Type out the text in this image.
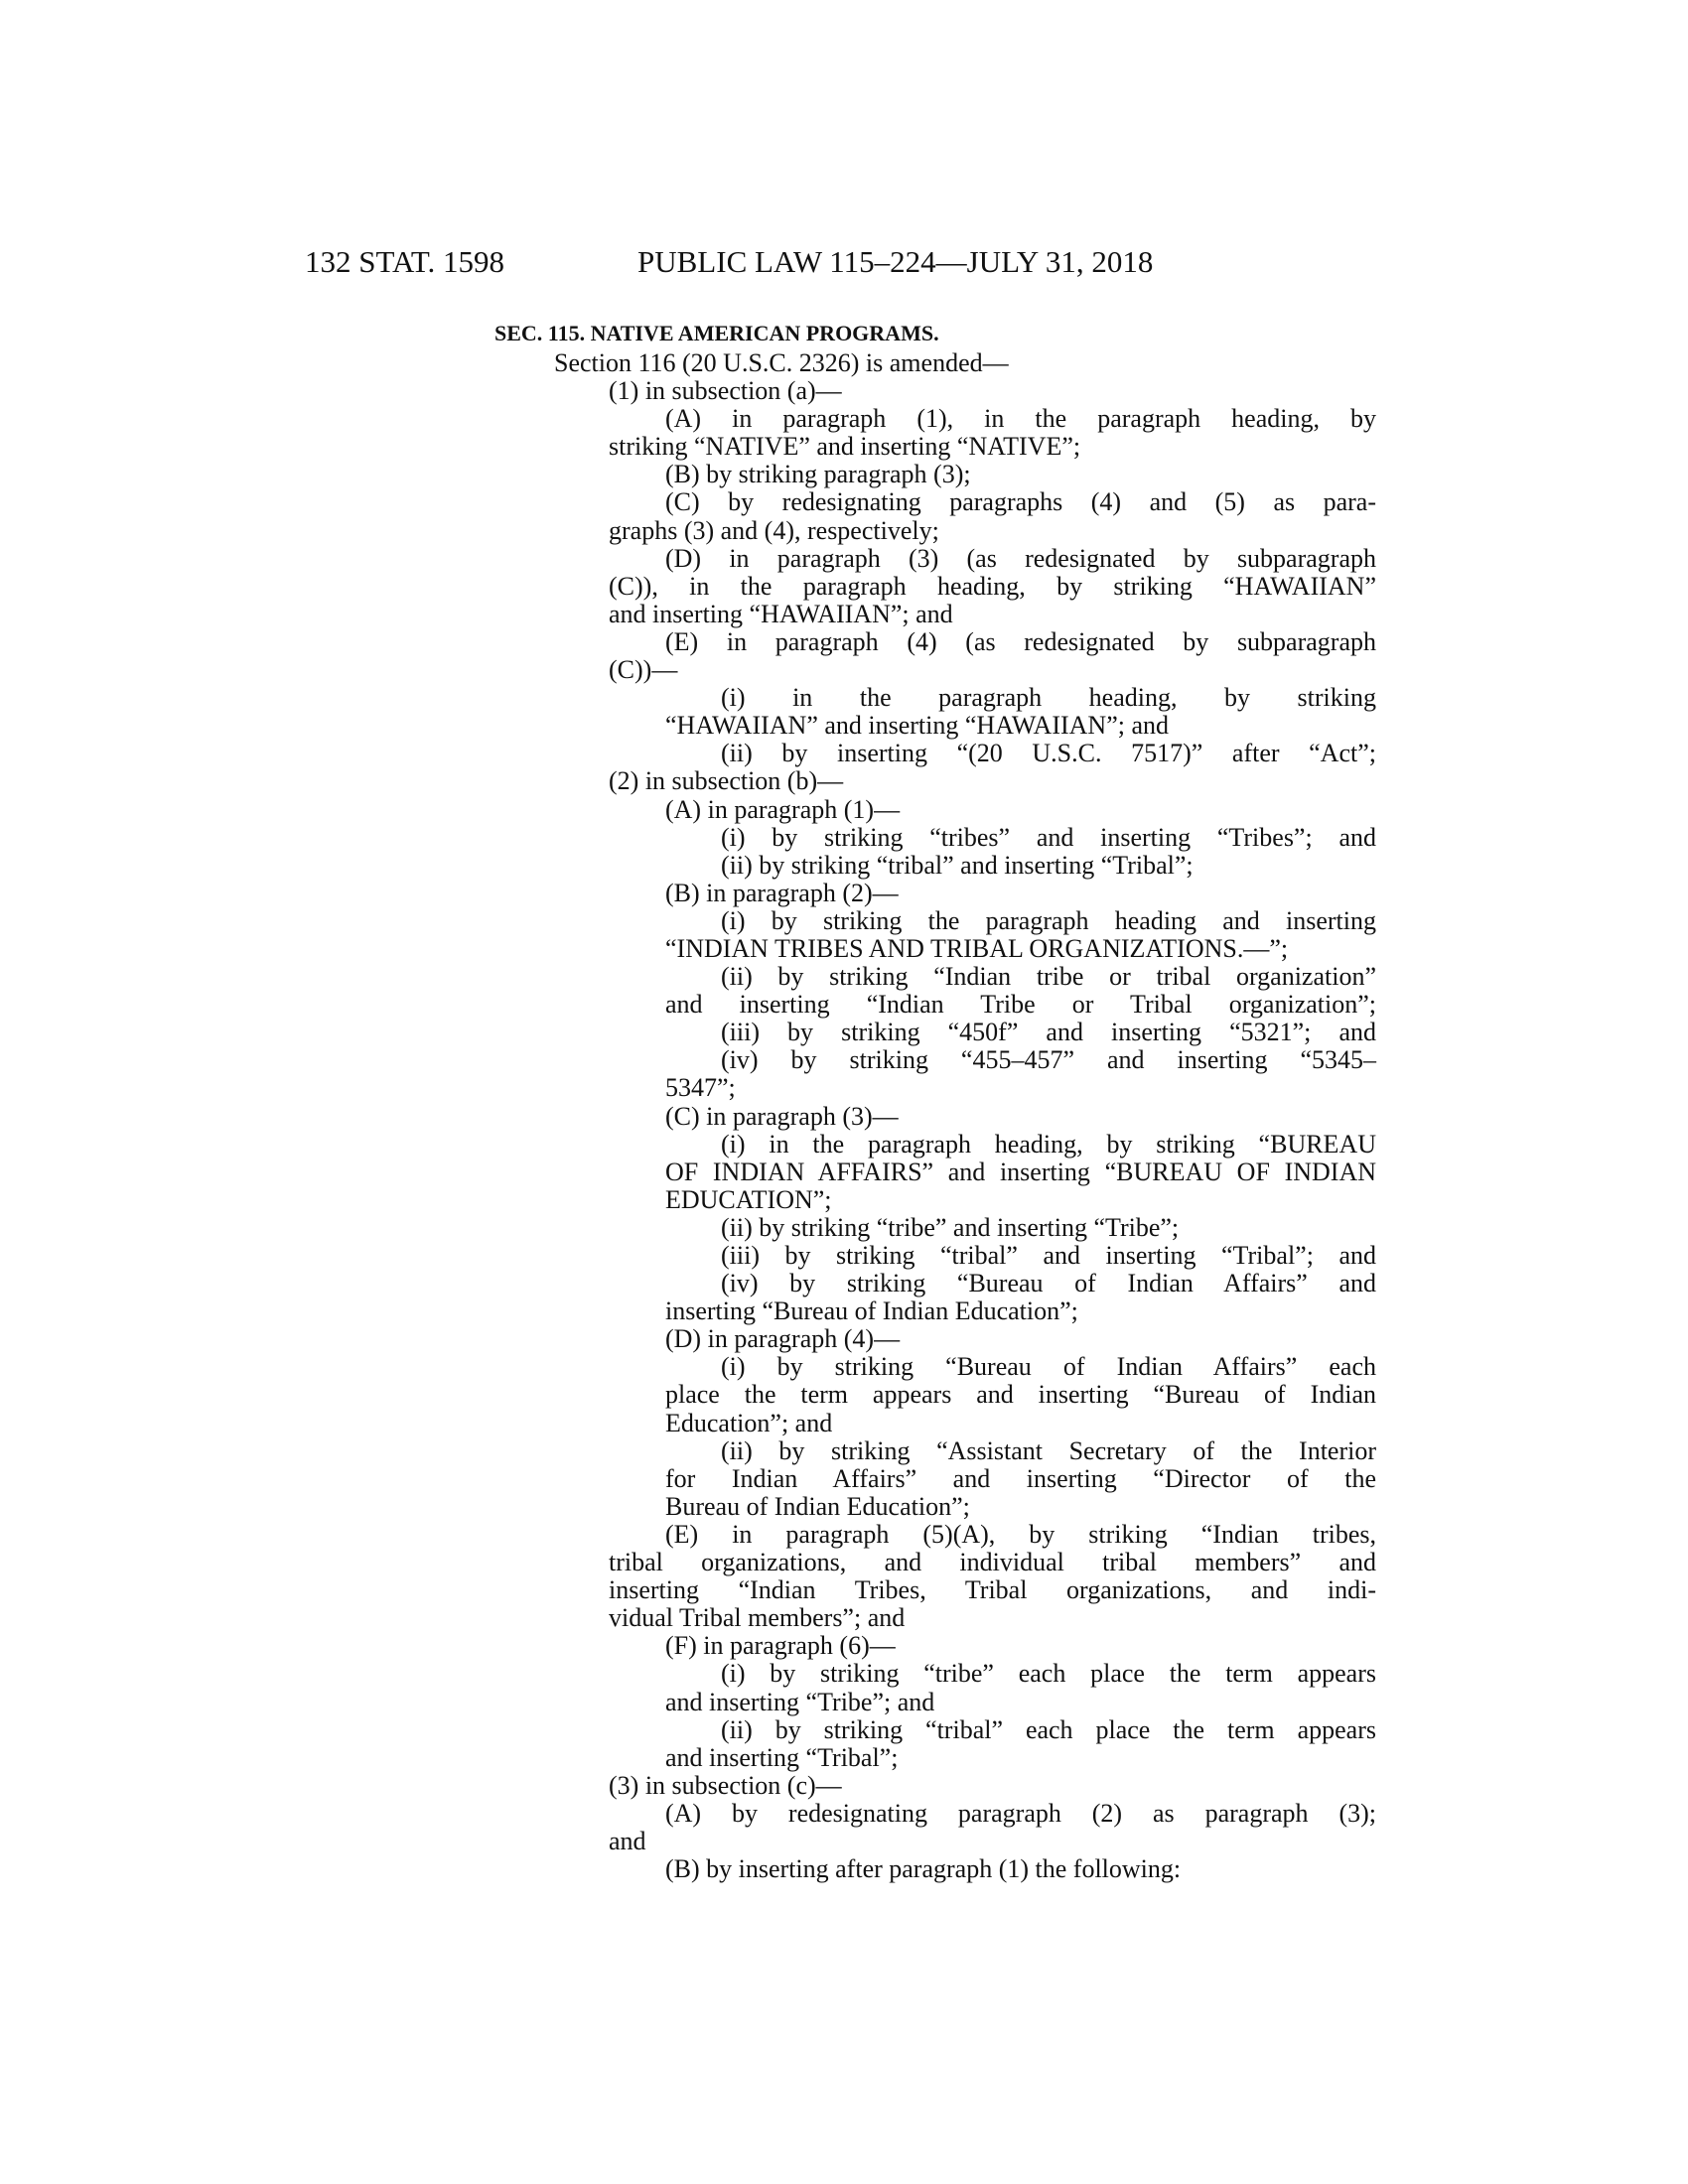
132 STAT. 1598	PUBLIC LAW 115–224—JULY 31, 2018
SEC. 115. NATIVE AMERICAN PROGRAMS.
Section 116 (20 U.S.C. 2326) is amended—
(1) in subsection (a)—
(A) in paragraph (1), in the paragraph heading, by
striking “NATIVE” and inserting “NATIVE”;
(B) by striking paragraph (3);
(C) by redesignating paragraphs (4) and (5) as para-
graphs (3) and (4), respectively;
(D) in paragraph (3) (as redesignated by subparagraph
(C)), in the paragraph heading, by striking “HAWAIIAN”
and inserting “HAWAIIAN”; and
(E) in paragraph (4) (as redesignated by subparagraph
(C))—
(i) in the paragraph heading, by striking
“HAWAIIAN” and inserting “HAWAIIAN”; and
(ii) by inserting “(20 U.S.C. 7517)” after “Act”;
(2) in subsection (b)—
(A) in paragraph (1)—
(i) by striking “tribes” and inserting “Tribes”; and
(ii) by striking “tribal” and inserting “Tribal”;
(B) in paragraph (2)—
(i) by striking the paragraph heading and inserting
“INDIAN TRIBES AND TRIBAL ORGANIZATIONS.—”;
(ii) by striking “Indian tribe or tribal organization”
and inserting “Indian Tribe or Tribal organization”;
(iii) by striking “450f” and inserting “5321”; and
(iv) by striking “455–457” and inserting “5345–
5347”;
(C) in paragraph (3)—
(i) in the paragraph heading, by striking “BUREAU
OF INDIAN AFFAIRS” and inserting “BUREAU OF INDIAN
EDUCATION”;
(ii) by striking “tribe” and inserting “Tribe”;
(iii) by striking “tribal” and inserting “Tribal”; and
(iv) by striking “Bureau of Indian Affairs” and
inserting “Bureau of Indian Education”;
(D) in paragraph (4)—
(i) by striking “Bureau of Indian Affairs” each
place the term appears and inserting “Bureau of Indian
Education”; and
(ii) by striking “Assistant Secretary of the Interior
for Indian Affairs” and inserting “Director of the
Bureau of Indian Education”;
(E) in paragraph (5)(A), by striking “Indian tribes,
tribal organizations, and individual tribal members” and
inserting “Indian Tribes, Tribal organizations, and indi-
vidual Tribal members”; and
(F) in paragraph (6)—
(i) by striking “tribe” each place the term appears
and inserting “Tribe”; and
(ii) by striking “tribal” each place the term appears
and inserting “Tribal”;
(3) in subsection (c)—
(A) by redesignating paragraph (2) as paragraph (3);
and
(B) by inserting after paragraph (1) the following:
